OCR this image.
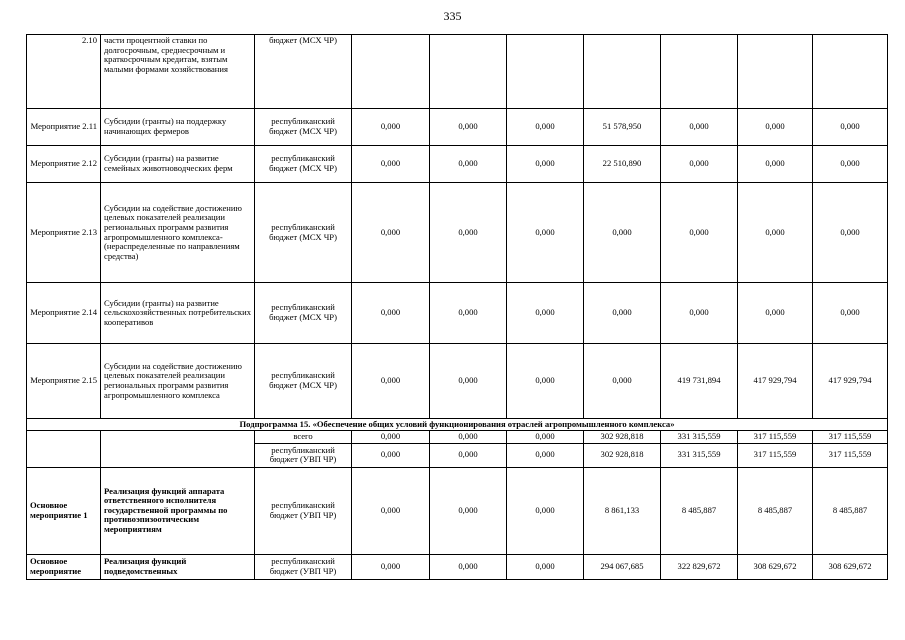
335
2.10	части процентной ставки по долгосрочным, среднесрочным и краткосрочным кредитам, взятым малыми формами хозяйствования	бюджет (МСХ ЧР)							
Мероприятие 2.11	Субсидии (гранты) на поддержку начинающих фермеров	республиканский бюджет (МСХ ЧР)	0,000	0,000	0,000	51 578,950	0,000	0,000	0,000
Мероприятие 2.12	Субсидии (гранты) на развитие семейных животноводческих ферм	республиканский бюджет (МСХ ЧР)	0,000	0,000	0,000	22 510,890	0,000	0,000	0,000
Мероприятие 2.13	Субсидии на содействие достижению целевых показателей реализации региональных программ развития агропромышленного комплекса- (нераспределенные по направлениям средства)	республиканский бюджет (МСХ ЧР)	0,000	0,000	0,000	0,000	0,000	0,000	0,000
Мероприятие 2.14	Субсидии (гранты) на развитие сельскохозяйственных потребительских кооперативов	республиканский бюджет (МСХ ЧР)	0,000	0,000	0,000	0,000	0,000	0,000	0,000
Мероприятие 2.15	Субсидии на содействие достижению целевых показателей реализации региональных программ развития агропромышленного комплекса	республиканский бюджет (МСХ ЧР)	0,000	0,000	0,000	0,000	419 731,894	417 929,794	417 929,794
Подпрограмма 15. «Обеспечение общих условий функционирования отраслей агропромышленного комплекса»									
		всего	0,000	0,000	0,000	302 928,818	331 315,559	317 115,559	317 115,559
		республиканский бюджет (УВП ЧР)	0,000	0,000	0,000	302 928,818	331 315,559	317 115,559	317 115,559
Основное мероприятие 1	Реализация функций аппарата ответственного исполнителя государственной программы по противоэпизоотическим мероприятиям	республиканский бюджет (УВП ЧР)	0,000	0,000	0,000	8 861,133	8 485,887	8 485,887	8 485,887
Основное мероприятие	Реализация функций подведомственных	республиканский бюджет (УВП ЧР)	0,000	0,000	0,000	294 067,685	322 829,672	308 629,672	308 629,672
